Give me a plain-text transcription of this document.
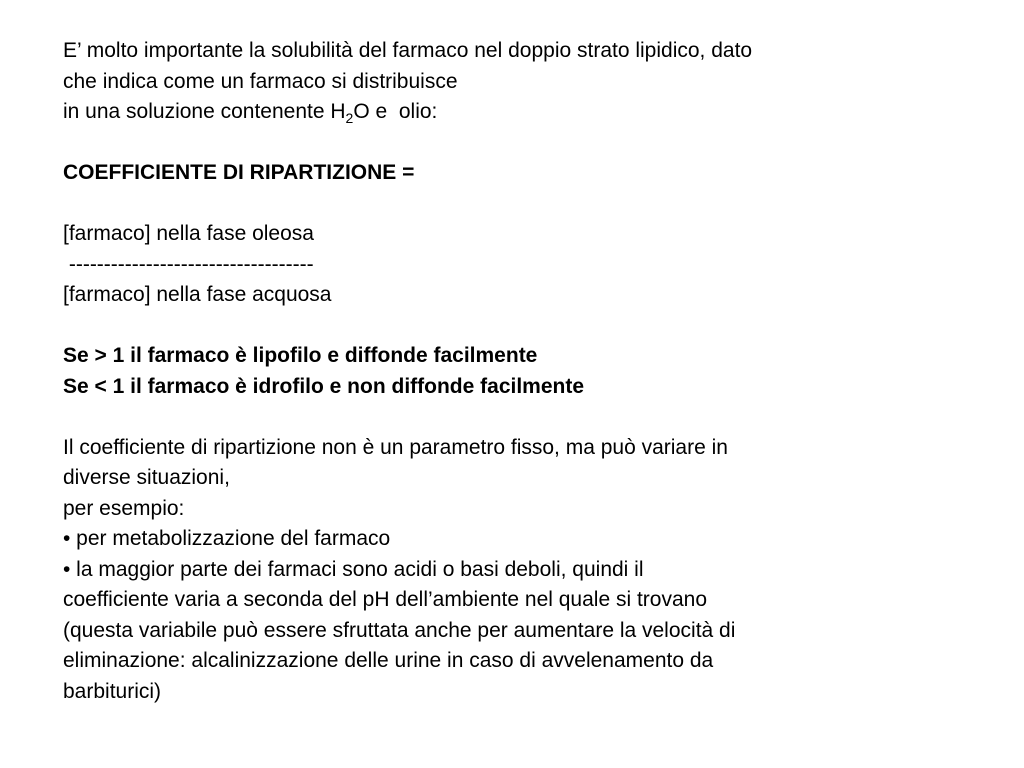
E’ molto importante la solubilità del farmaco nel doppio strato lipidico, dato
che indica come un farmaco si distribuisce
in una soluzione contenente $H_2O$ e  olio:
COEFFICIENTE DI RIPARTIZIONE =
[farmaco] nella fase oleosa
-----------------------------------
[farmaco] nella fase acquosa
Se > 1 il farmaco è lipofilo e diffonde facilmente
Se < 1 il farmaco è idrofilo e non diffonde facilmente
Il coefficiente di ripartizione non è un parametro fisso, ma può variare in
diverse situazioni,
per esempio:
• per metabolizzazione del farmaco
• la maggior parte dei farmaci sono acidi o basi deboli, quindi il
coefficiente varia a seconda del pH dell’ambiente nel quale si trovano
(questa variabile può essere sfruttata anche per aumentare la velocità di
eliminazione: alcalinizzazione delle urine in caso di avvelenamento da
barbiturici)
